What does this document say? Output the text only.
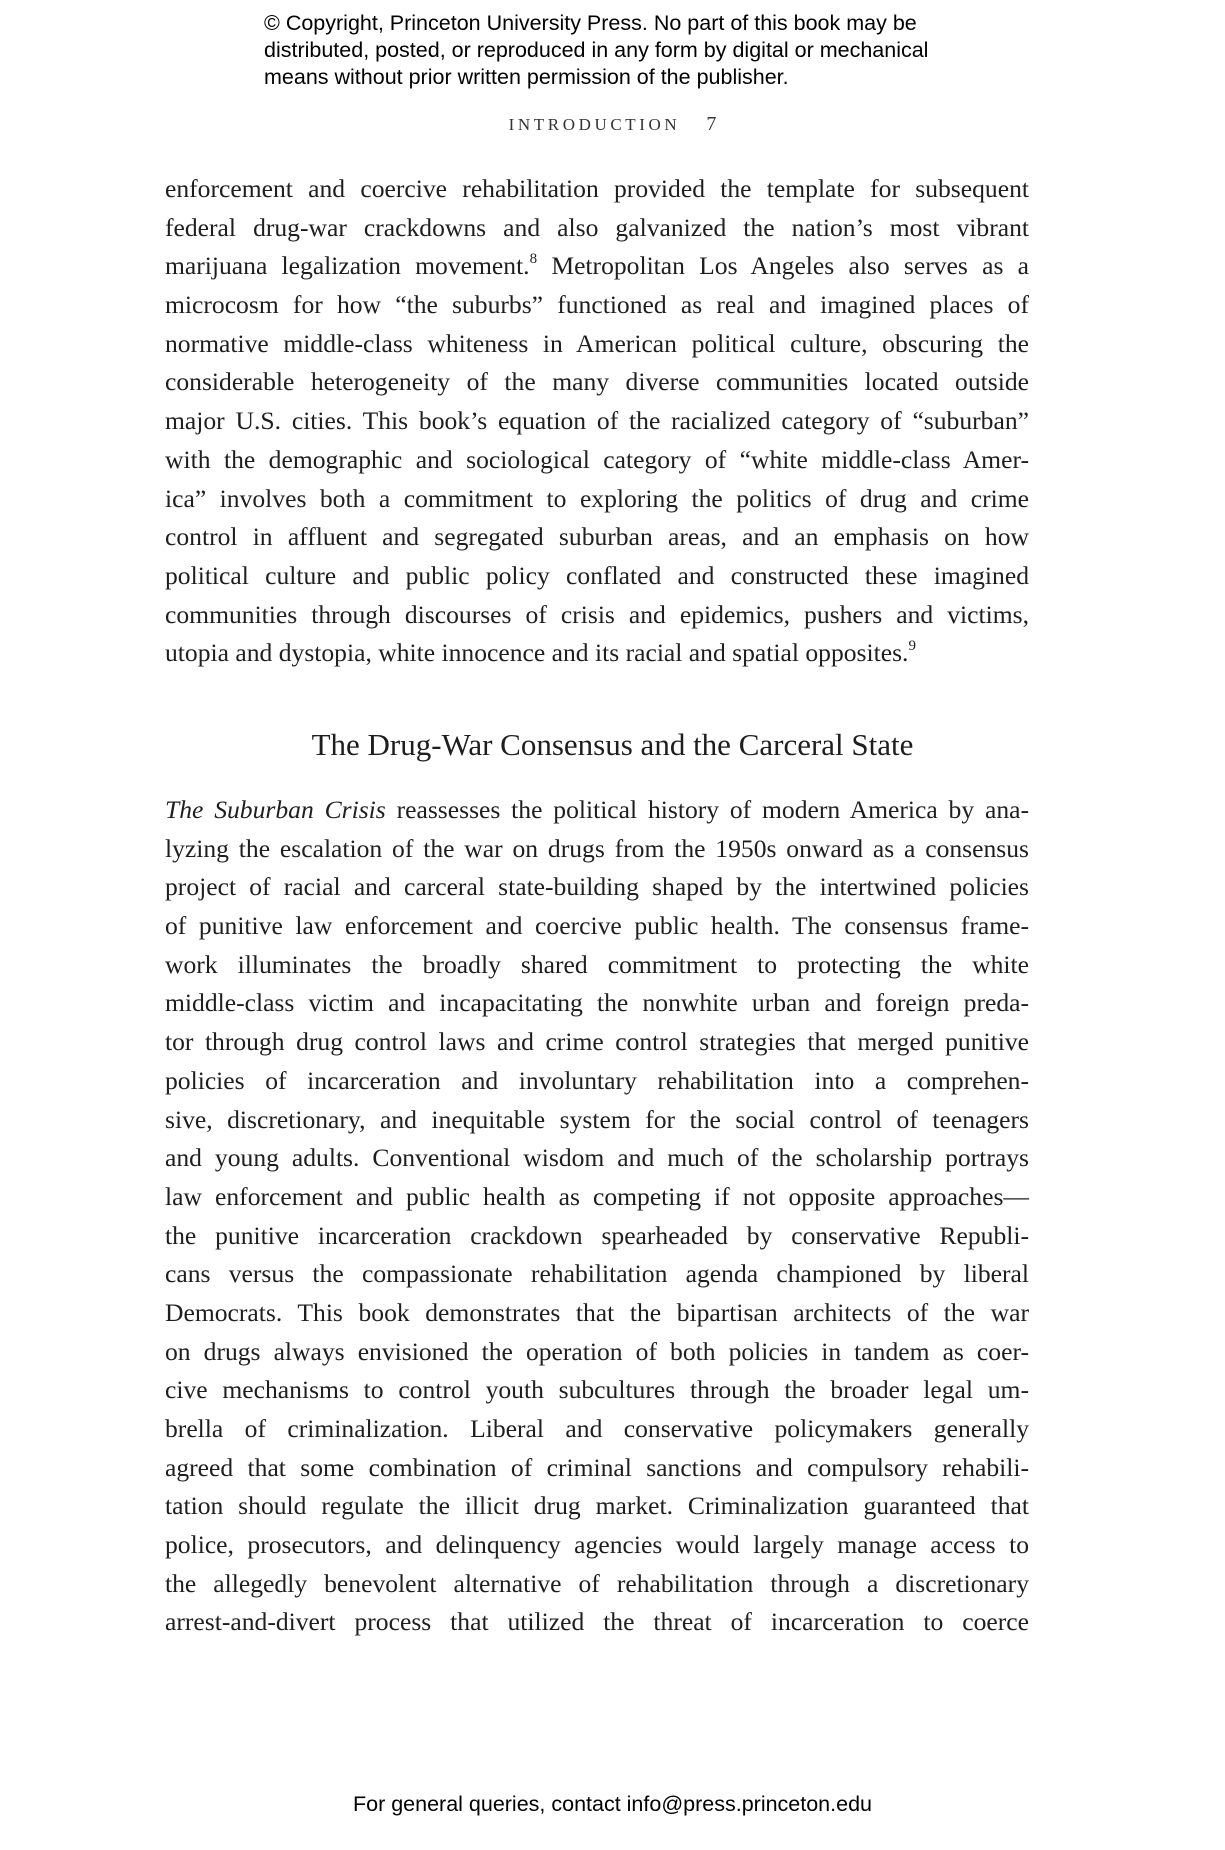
© Copyright, Princeton University Press. No part of this book may be
distributed, posted, or reproduced in any form by digital or mechanical
means without prior written permission of the publisher.
INTRODUCTION 7
enforcement and coercive rehabilitation provided the template for subsequent
federal drug-war crackdowns and also galvanized the nation’s most vibrant
marijuana legalization movement.$^8$ Metropolitan Los Angeles also serves as a
microcosm for how “the suburbs” functioned as real and imagined places of
normative middle-class whiteness in American political culture, obscuring the
considerable heterogeneity of the many diverse communities located outside
major U.S. cities. This book’s equation of the racialized category of “suburban”
with the demographic and sociological category of “white middle-class Amer-
ica” involves both a commitment to exploring the politics of drug and crime
control in affluent and segregated suburban areas, and an emphasis on how
political culture and public policy conflated and constructed these imagined
communities through discourses of crisis and epidemics, pushers and victims,
utopia and dystopia, white innocence and its racial and spatial opposites.$^9$
The Drug-War Consensus and the Carceral State
The Suburban Crisis reassesses the political history of modern America by ana-
lyzing the escalation of the war on drugs from the 1950s onward as a consensus
project of racial and carceral state-building shaped by the intertwined policies
of punitive law enforcement and coercive public health. The consensus frame-
work illuminates the broadly shared commitment to protecting the white
middle-class victim and incapacitating the nonwhite urban and foreign preda-
tor through drug control laws and crime control strategies that merged punitive
policies of incarceration and involuntary rehabilitation into a comprehen-
sive, discretionary, and inequitable system for the social control of teenagers
and young adults. Conventional wisdom and much of the scholarship portrays
law enforcement and public health as competing if not opposite approaches—
the punitive incarceration crackdown spearheaded by conservative Republi-
cans versus the compassionate rehabilitation agenda championed by liberal
Democrats. This book demonstrates that the bipartisan architects of the war
on drugs always envisioned the operation of both policies in tandem as coer-
cive mechanisms to control youth subcultures through the broader legal um-
brella of criminalization. Liberal and conservative policymakers generally
agreed that some combination of criminal sanctions and compulsory rehabili-
tation should regulate the illicit drug market. Criminalization guaranteed that
police, prosecutors, and delinquency agencies would largely manage access to
the allegedly benevolent alternative of rehabilitation through a discretionary
arrest-and-divert process that utilized the threat of incarceration to coerce
For general queries, contact info@press.princeton.edu
